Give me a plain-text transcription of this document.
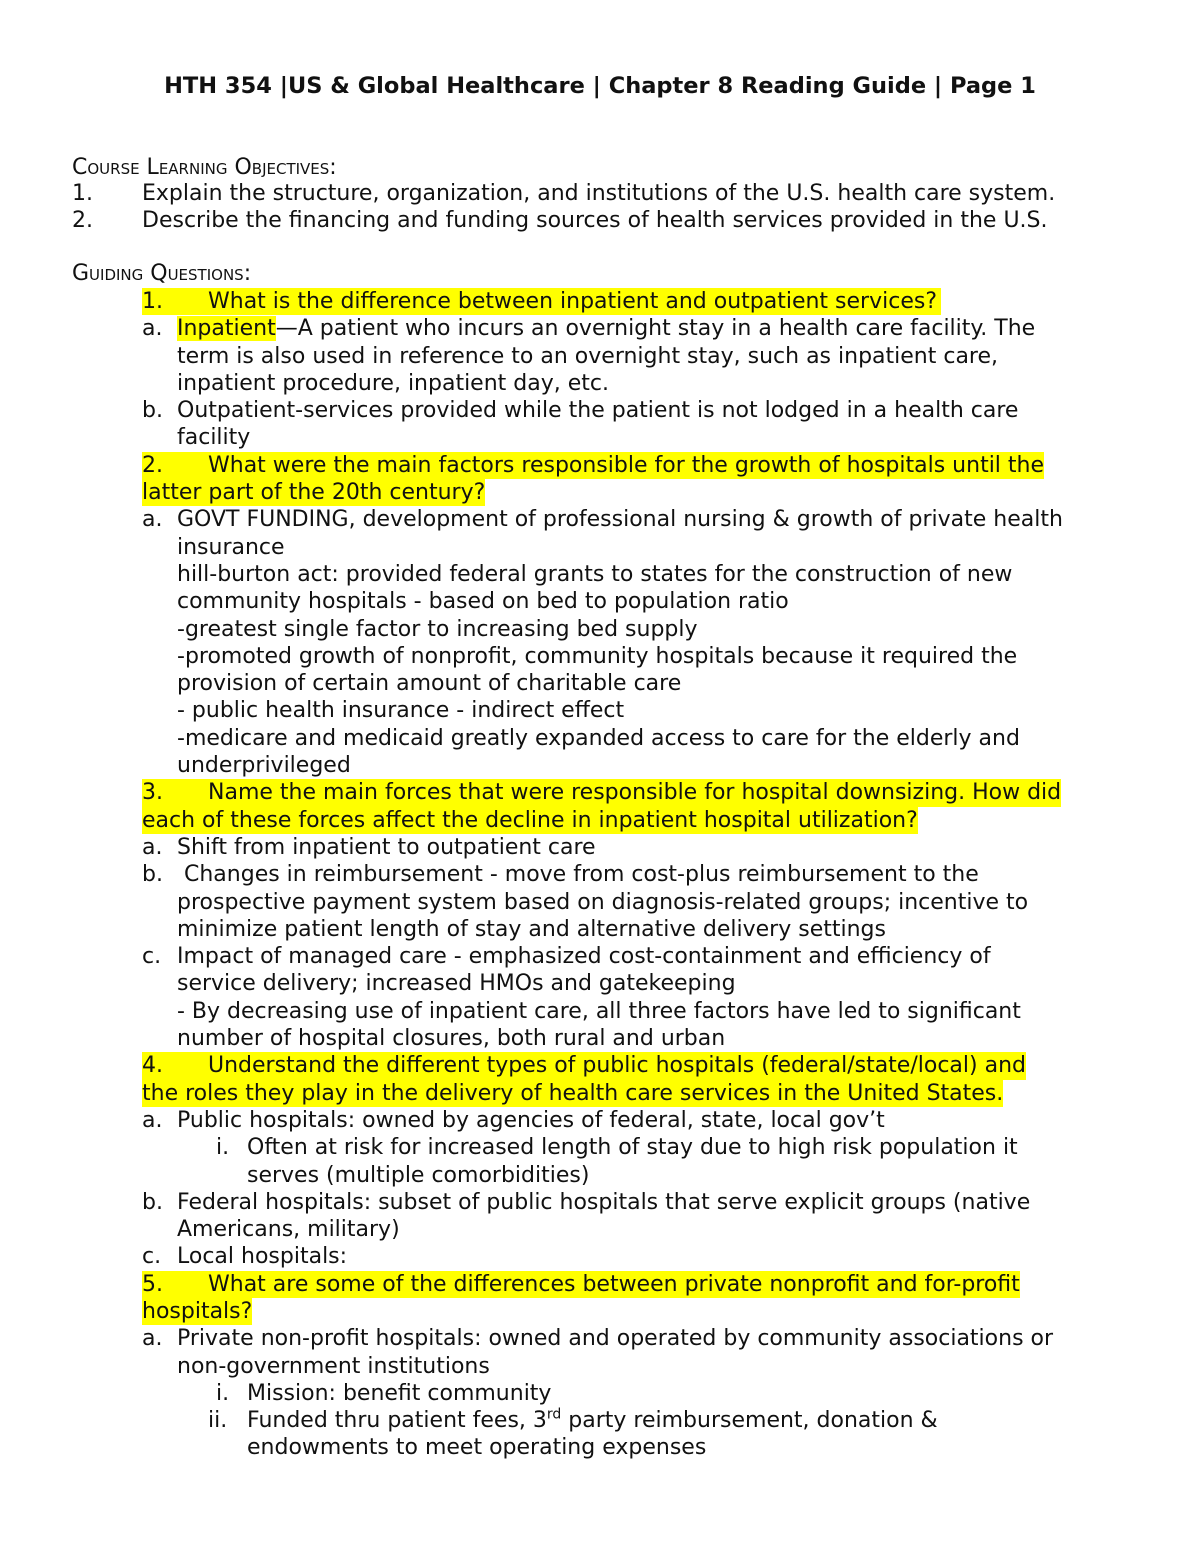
HTH 354 |US & Global Healthcare | Chapter 8 Reading Guide | Page 1
Course Learning Objectives:
1. Explain the structure, organization, and institutions of the U.S. health care system.
2. Describe the financing and funding sources of health services provided in the U.S.
Guiding Questions:
1. What is the difference between inpatient and outpatient services?
a. Inpatient—A patient who incurs an overnight stay in a health care facility. The
term is also used in reference to an overnight stay, such as inpatient care,
inpatient procedure, inpatient day, etc.
b. Outpatient-services provided while the patient is not lodged in a health care
facility
2. What were the main factors responsible for the growth of hospitals until the
latter part of the 20th century?
a. GOVT FUNDING, development of professional nursing & growth of private health
insurance
hill-burton act: provided federal grants to states for the construction of new
community hospitals - based on bed to population ratio
-greatest single factor to increasing bed supply
-promoted growth of nonprofit, community hospitals because it required the
provision of certain amount of charitable care
- public health insurance - indirect effect
-medicare and medicaid greatly expanded access to care for the elderly and
underprivileged
3. Name the main forces that were responsible for hospital downsizing. How did
each of these forces affect the decline in inpatient hospital utilization?
a. Shift from inpatient to outpatient care
b. Changes in reimbursement - move from cost-plus reimbursement to the
prospective payment system based on diagnosis-related groups; incentive to
minimize patient length of stay and alternative delivery settings
c. Impact of managed care - emphasized cost-containment and efficiency of
service delivery; increased HMOs and gatekeeping
- By decreasing use of inpatient care, all three factors have led to significant
number of hospital closures, both rural and urban
4. Understand the different types of public hospitals (federal/state/local) and
the roles they play in the delivery of health care services in the United States.
a. Public hospitals: owned by agencies of federal, state, local gov’t
i. Often at risk for increased length of stay due to high risk population it
serves (multiple comorbidities)
b. Federal hospitals: subset of public hospitals that serve explicit groups (native
Americans, military)
c. Local hospitals:
5. What are some of the differences between private nonprofit and for-profit
hospitals?
a. Private non-profit hospitals: owned and operated by community associations or
non-government institutions
i. Mission: benefit community
ii. Funded thru patient fees, 3rd party reimbursement, donation &
endowments to meet operating expenses
